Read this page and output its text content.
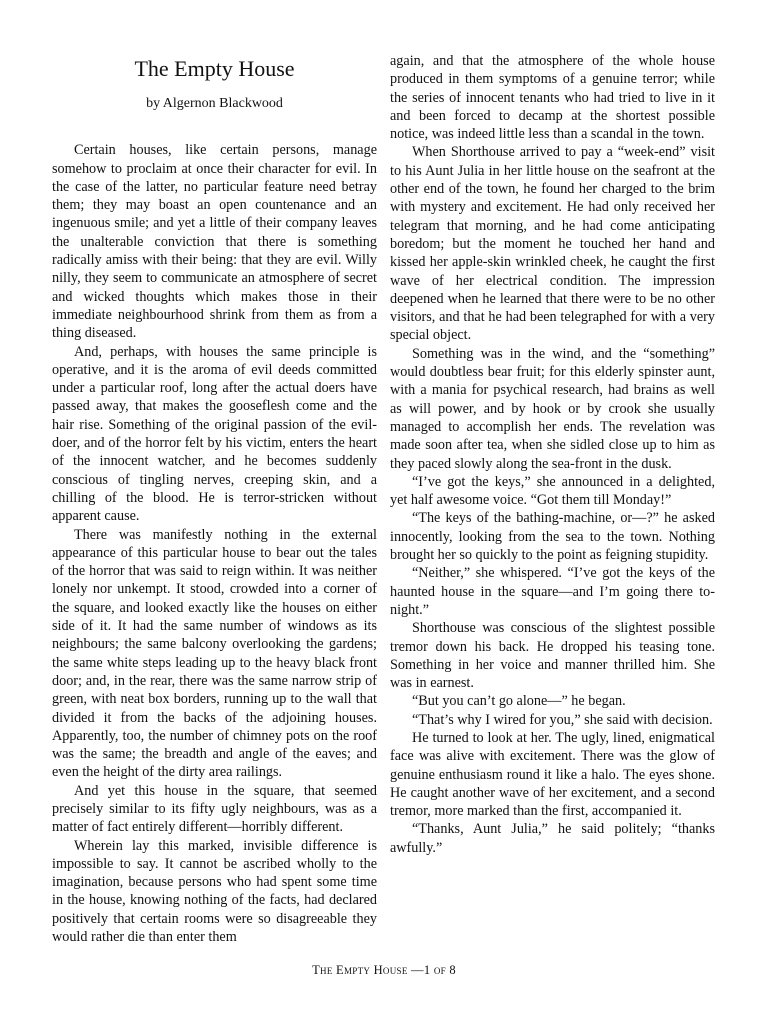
The Empty House
by Algernon Blackwood

Certain houses, like certain persons, manage somehow to proclaim at once their character for evil. In the case of the latter, no particular feature need betray them; they may boast an open countenance and an ingenuous smile; and yet a little of their company leaves the unalterable conviction that there is something radically amiss with their being: that they are evil. Willy nilly, they seem to communicate an atmosphere of secret and wicked thoughts which makes those in their immediate neighbourhood shrink from them as from a thing diseased.

And, perhaps, with houses the same principle is operative, and it is the aroma of evil deeds committed under a particular roof, long after the actual doers have passed away, that makes the gooseflesh come and the hair rise. Something of the original passion of the evil-doer, and of the horror felt by his victim, enters the heart of the innocent watcher, and he becomes suddenly conscious of tingling nerves, creeping skin, and a chilling of the blood. He is terror-stricken without apparent cause.

There was manifestly nothing in the external appearance of this particular house to bear out the tales of the horror that was said to reign within. It was neither lonely nor unkempt. It stood, crowded into a corner of the square, and looked exactly like the houses on either side of it. It had the same number of windows as its neighbours; the same balcony overlooking the gardens; the same white steps leading up to the heavy black front door; and, in the rear, there was the same narrow strip of green, with neat box borders, running up to the wall that divided it from the backs of the adjoining houses. Apparently, too, the number of chimney pots on the roof was the same; the breadth and angle of the eaves; and even the height of the dirty area railings.

And yet this house in the square, that seemed precisely similar to its fifty ugly neighbours, was as a matter of fact entirely different—horribly different.

Wherein lay this marked, invisible difference is impossible to say. It cannot be ascribed wholly to the imagination, because persons who had spent some time in the house, knowing nothing of the facts, had declared positively that certain rooms were so disagreeable they would rather die than enter them

again, and that the atmosphere of the whole house produced in them symptoms of a genuine terror; while the series of innocent tenants who had tried to live in it and been forced to decamp at the shortest possible notice, was indeed little less than a scandal in the town.

When Shorthouse arrived to pay a “week-end” visit to his Aunt Julia in her little house on the seafront at the other end of the town, he found her charged to the brim with mystery and excitement. He had only received her telegram that morning, and he had come anticipating boredom; but the moment he touched her hand and kissed her apple-skin wrinkled cheek, he caught the first wave of her electrical condition. The impression deepened when he learned that there were to be no other visitors, and that he had been telegraphed for with a very special object.

Something was in the wind, and the “something” would doubtless bear fruit; for this elderly spinster aunt, with a mania for psychical research, had brains as well as will power, and by hook or by crook she usually managed to accomplish her ends. The revelation was made soon after tea, when she sidled close up to him as they paced slowly along the sea-front in the dusk.

“I’ve got the keys,” she announced in a delighted, yet half awesome voice. “Got them till Monday!”

“The keys of the bathing-machine, or—?” he asked innocently, looking from the sea to the town. Nothing brought her so quickly to the point as feigning stupidity.

“Neither,” she whispered. “I’ve got the keys of the haunted house in the square—and I’m going there to-night.”

Shorthouse was conscious of the slightest possible tremor down his back. He dropped his teasing tone. Something in her voice and manner thrilled him. She was in earnest.

“But you can’t go alone—” he began.

“That’s why I wired for you,” she said with decision.

He turned to look at her. The ugly, lined, enigmatical face was alive with excitement. There was the glow of genuine enthusiasm round it like a halo. The eyes shone. He caught another wave of her excitement, and a second tremor, more marked than the first, accompanied it.

“Thanks, Aunt Julia,” he said politely; “thanks awfully.”

The Empty House —1 of 8
